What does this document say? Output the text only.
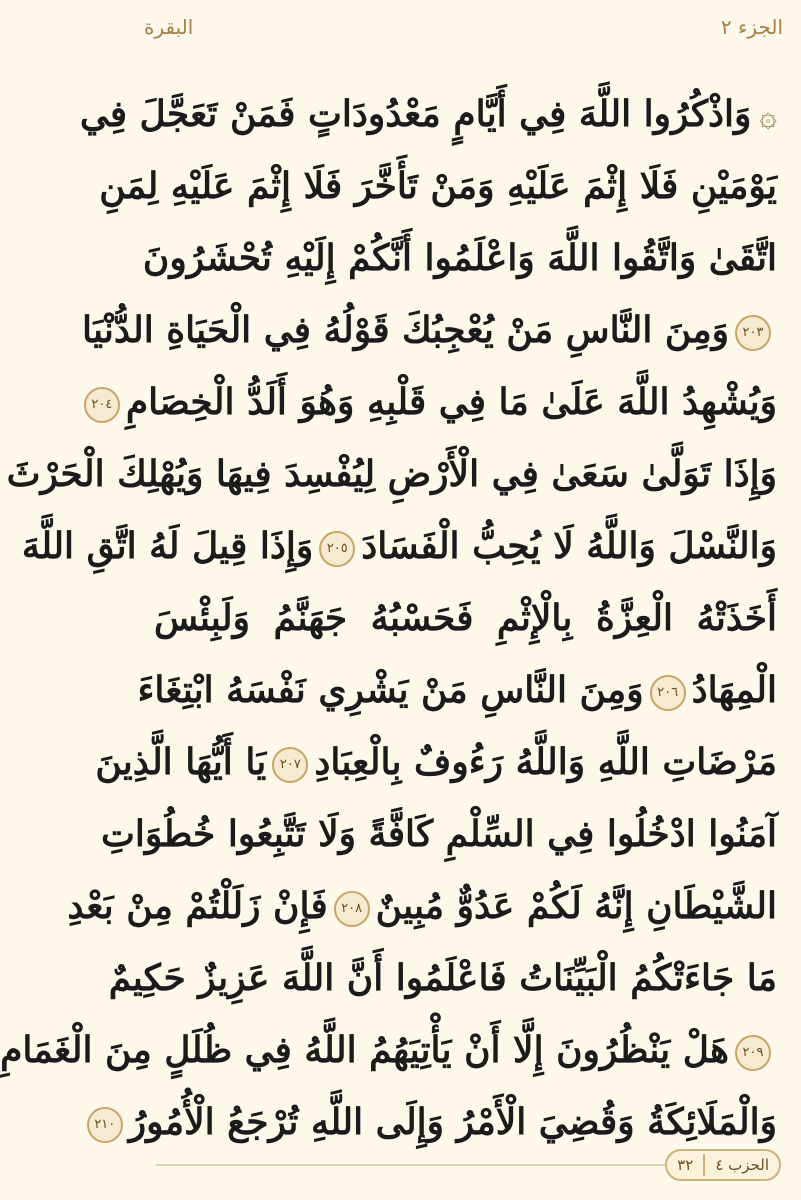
الجزء ٢
البقرة
۞وَاذْكُرُوا اللَّهَ فِي أَيَّامٍ مَعْدُودَاتٍ فَمَنْ تَعَجَّلَ فِي
يَوْمَيْنِ فَلَا إِثْمَ عَلَيْهِ وَمَنْ تَأَخَّرَ فَلَا إِثْمَ عَلَيْهِ لِمَنِ
اتَّقَىٰ وَاتَّقُوا اللَّهَ وَاعْلَمُوا أَنَّكُمْ إِلَيْهِ تُحْشَرُونَ
٢٠٣وَمِنَ النَّاسِ مَنْ يُعْجِبُكَ قَوْلُهُ فِي الْحَيَاةِ الدُّنْيَا
وَيُشْهِدُ اللَّهَ عَلَىٰ مَا فِي قَلْبِهِ وَهُوَ أَلَدُّ الْخِصَامِ٢٠٤
وَإِذَا تَوَلَّىٰ سَعَىٰ فِي الْأَرْضِ لِيُفْسِدَ فِيهَا وَيُهْلِكَ الْحَرْثَ
وَالنَّسْلَ وَاللَّهُ لَا يُحِبُّ الْفَسَادَ٢٠٥وَإِذَا قِيلَ لَهُ اتَّقِ اللَّهَ
أَخَذَتْهُ الْعِزَّةُ بِالْإِثْمِ فَحَسْبُهُ جَهَنَّمُ وَلَبِئْسَ
الْمِهَادُ٢٠٦وَمِنَ النَّاسِ مَنْ يَشْرِي نَفْسَهُ ابْتِغَاءَ
مَرْضَاتِ اللَّهِ وَاللَّهُ رَءُوفٌ بِالْعِبَادِ٢٠٧يَا أَيُّهَا الَّذِينَ
آمَنُوا ادْخُلُوا فِي السِّلْمِ كَافَّةً وَلَا تَتَّبِعُوا خُطُوَاتِ
الشَّيْطَانِ إِنَّهُ لَكُمْ عَدُوٌّ مُبِينٌ٢٠٨فَإِنْ زَلَلْتُمْ مِنْ بَعْدِ
مَا جَاءَتْكُمُ الْبَيِّنَاتُ فَاعْلَمُوا أَنَّ اللَّهَ عَزِيزٌ حَكِيمٌ
٢٠٩هَلْ يَنْظُرُونَ إِلَّا أَنْ يَأْتِيَهُمُ اللَّهُ فِي ظُلَلٍ مِنَ الْغَمَامِ
وَالْمَلَائِكَةُ وَقُضِيَ الْأَمْرُ وَإِلَى اللَّهِ تُرْجَعُ الْأُمُورُ٢١٠
الحزب ٤
٣٢
